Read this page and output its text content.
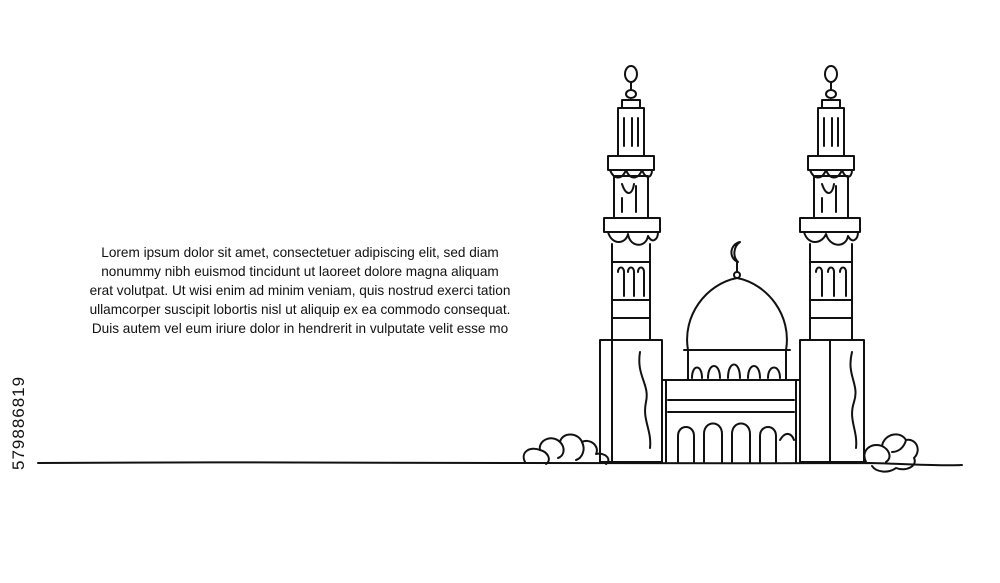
Lorem ipsum dolor sit amet, consectetuer adipiscing elit, sed diam
nonummy nibh euismod tincidunt ut laoreet dolore magna aliquam
erat volutpat. Ut wisi enim ad minim veniam, quis nostrud exerci tation
ullamcorper suscipit lobortis nisl ut aliquip ex ea commodo consequat.
Duis autem vel eum iriure dolor in hendrerit in vulputate velit esse mo
579886819
